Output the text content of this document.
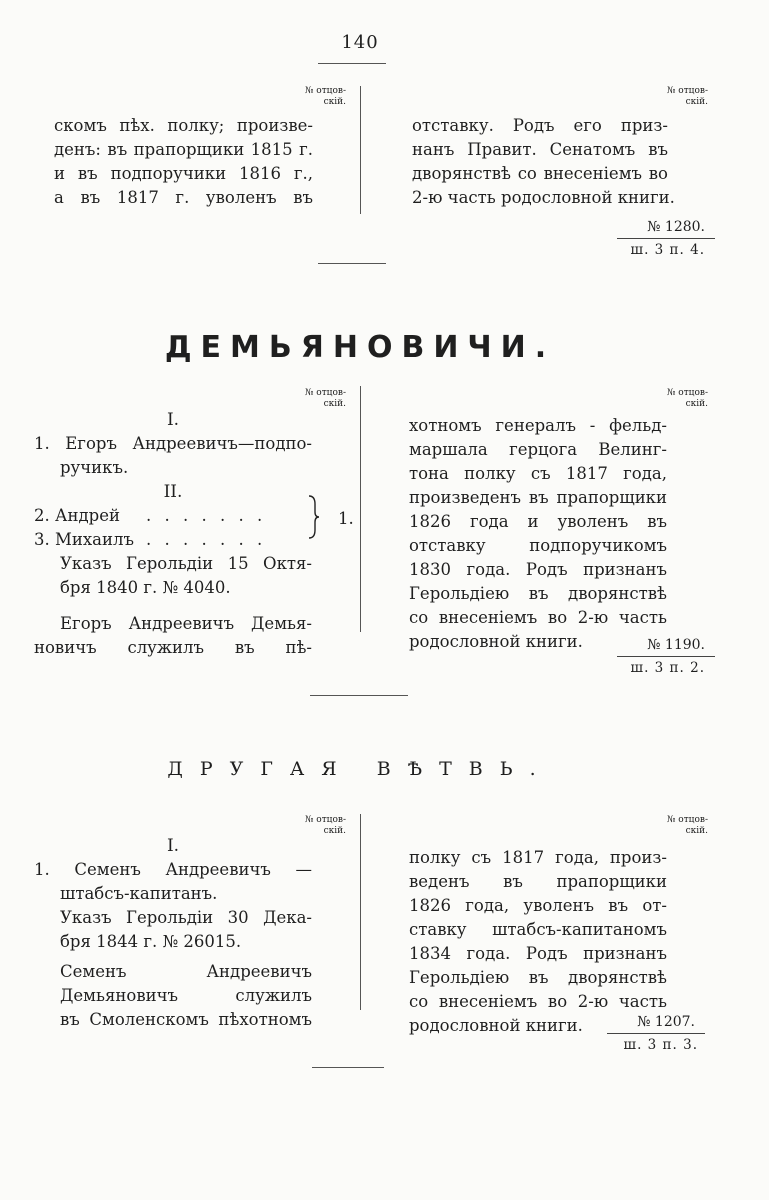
140
№ отцов-
скій.
№ отцов-
скій.
скомъ пѣх. полку; произве-
денъ: въ прапорщики 1815 г.
и въ подпоручики 1816 г.,
а въ 1817 г. уволенъ въ
отставку. Родъ его приз-
нанъ Правит. Сенатомъ въ
дворянствѣ со внесеніемъ во
2-ю часть родословной книги.
№ 1280.
ш. 3 п. 4.
ДЕМЬЯНОВИЧИ.
№ отцов-
скій.
№ отцов-
скій.
I.
1. Егоръ Андреевичъ—подпо-
ручикъ.
II.
2. Андрей . . . . . . .
3. Михаилъ . . . . . . .
Указъ Герольдіи 15 Октя-
бря 1840 г. № 4040.
Егоръ Андреевичъ Демья-
новичъ служилъ въ пѣ-
1.
хотномъ генералъ - фельд-
маршала герцога Велинг-
тона полку съ 1817 года,
произведенъ въ прапорщики
1826 года и уволенъ въ
отставку подпоручикомъ
1830 года. Родъ признанъ
Герольдіею въ дворянствѣ
со внесеніемъ во 2-ю часть
родословной книги.	№ 1190.
ш. 3 п. 2.
ДРУГАЯ ВѢТВЬ.
№ отцов-
скій.
№ отцов-
скій.
I.
1. Семенъ Андреевичъ —
штабсъ-капитанъ.
Указъ Герольдіи 30 Дека-
бря 1844 г. № 26015.
Семенъ Андреевичъ
Демьяновичъ служилъ
въ Смоленскомъ пѣхотномъ
полку съ 1817 года, произ-
веденъ въ прапорщики
1826 года, уволенъ въ от-
ставку штабсъ-капитаномъ
1834 года. Родъ признанъ
Герольдіею въ дворянствѣ
со внесеніемъ во 2-ю часть
родословной книги.	№ 1207.
ш. 3 п. 3.
